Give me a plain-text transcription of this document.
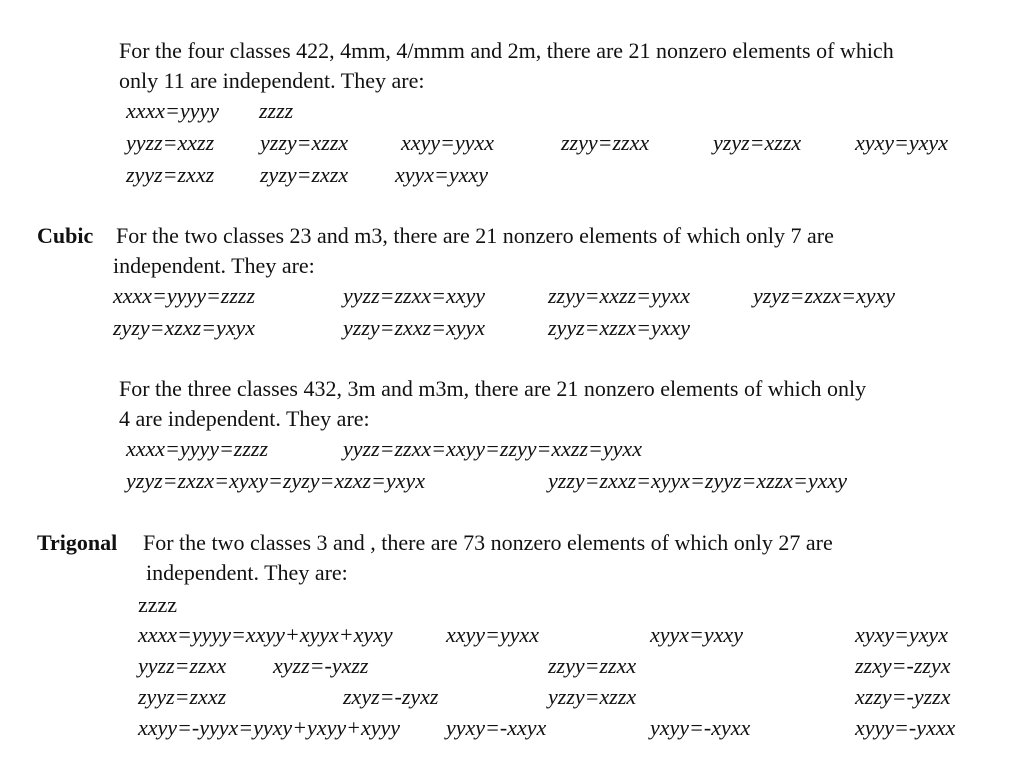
For the four classes 422, 4mm, 4/mmm and 2m, there are 21 nonzero elements of which
only 11 are independent. They are:
xxxx=yyyy zzzz
yyzz=xxzz yzzy=xzzx xxyy=yyxx	zzyy=zzxx	yzyz=xzzx xyxy=yxyx
zyyz=zxxz zyzy=zxzx xyyx=yxxy
Cubic For the two classes 23 and m3, there are 21 nonzero elements of which only 7 are
independent. They are:
xxxx=yyyy=zzzz	yyzz=zzxx=xxyy	zzyy=xxzz=yyxx	yzyz=zxzx=xyxy
zyzy=xzxz=yxyx	yzzy=zxxz=xyyx	zyyz=xzzx=yxxy
For the three classes 432, 3m and m3m, there are 21 nonzero elements of which only
4 are independent. They are:
xxxx=yyyy=zzzz	yyzz=zzxx=xxyy=zzyy=xxzz=yyxx
yzyz=zxzx=xyxy=zyzy=xzxz=yxyx	yzzy=zxxz=xyyx=zyyz=xzzx=yxxy
Trigonal For the two classes 3 and , there are 73 nonzero elements of which only 27 are
independent. They are:
zzzz
xxxx=yyyy=xxyy+xyyx+xyxy xxyy=yyxx	xyyx=yxxy	xyxy=yxyx
yyzz=zzxx xyzz=-yxzz	zzyy=zzxx	zzxy=-zzyx
zyyz=zxxz	zxyz=-zyxz	yzzy=xzzx	xzzy=-yzzx
xxyy=-yyyx=yyxy+yxyy+xyyy yyxy=-xxyx	yxyy=-xyxx	xyyy=-yxxx
